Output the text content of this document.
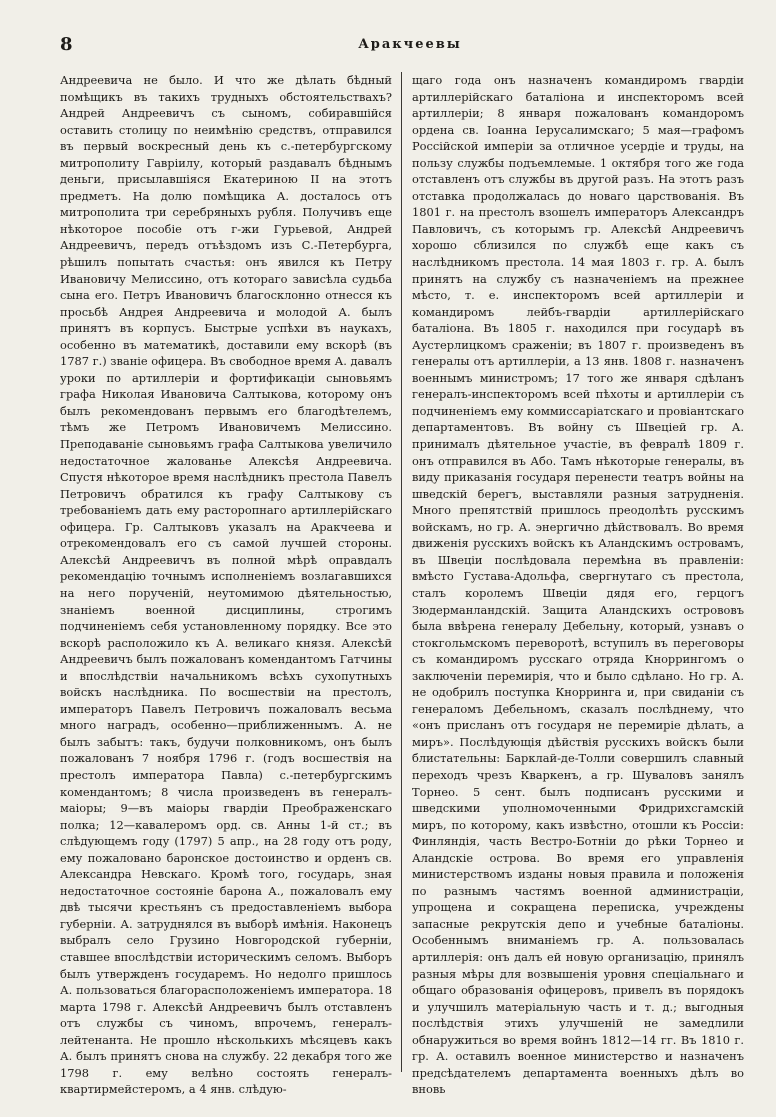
8	Аракчеевы

Андреевича не было. И что же дѣлать бѣдный помѣщикъ въ такихъ трудныхъ обстоятельствахъ? Андрей Андреевичъ съ сыномъ, собиравшійся оставить столицу по неимѣнію средствъ, отправился въ первый воскресный день къ с.-петербургскому митрополиту Гавріилу, который раздавалъ бѣднымъ деньги, присылавшіяся Екатериною II на этотъ предметъ. На долю помѣщика А. досталось отъ митрополита три серебряныхъ рубля. Получивъ еще нѣкоторое пособіе отъ г-жи Гурьевой, Андрей Андреевичъ, передъ отъѣздомъ изъ С.-Петербурга, рѣшилъ попытать счастья: онъ явился къ Петру Ивановичу Мелиссино, отъ котораго зависѣла судьба сына его. Петръ Ивановичъ благосклонно отнесся къ просьбѣ Андрея Андреевича и молодой А. былъ принятъ въ корпусъ. Быстрые успѣхи въ наукахъ, особенно въ математикѣ, доставили ему вскорѣ (въ 1787 г.) званіе офицера. Въ свободное время А. давалъ уроки по артиллеріи и фортификаціи сыновьямъ графа Николая Ивановича Салтыкова, которому онъ былъ рекомендованъ первымъ его благодѣтелемъ, тѣмъ же Петромъ Ивановичемъ Мелиссино. Преподаваніе сыновьямъ графа Салтыкова увеличило недостаточное жалованье Алексѣя Андреевича. Спустя нѣкоторое время наслѣдникъ престола Павелъ Петровичъ обратился къ графу Салтыкову съ требованіемъ дать ему расторопнаго артиллерійскаго офицера. Гр. Салтыковъ указалъ на Аракчеева и отрекомендовалъ его съ самой лучшей стороны. Алексѣй Андреевичъ въ полной мѣрѣ оправдалъ рекомендацію точнымъ исполненіемъ возлагавшихся на него порученій, неутомимою дѣятельностью, знаніемъ военной дисциплины, строгимъ подчиненіемъ себя установленному порядку. Все это вскорѣ расположило къ А. великаго князя. Алексѣй Андреевичъ былъ пожалованъ комендантомъ Гатчины и впослѣдствіи начальникомъ всѣхъ сухопутныхъ войскъ наслѣдника. По восшествіи на престолъ, императоръ Павелъ Петровичъ пожаловалъ весьма много наградъ, особенно—приближеннымъ. А. не былъ забытъ: такъ, будучи полковникомъ, онъ былъ пожалованъ 7 ноября 1796 г. (годъ восшествія на престолъ императора Павла) с.-петербургскимъ комендантомъ; 8 числа произведенъ въ генералъ-маіоры; 9—въ маіоры гвардіи Преображенскаго полка; 12—кавалеромъ орд. св. Анны 1-й ст.; въ слѣдующемъ году (1797) 5 апр., на 28 году отъ роду, ему пожаловано баронское достоинство и орденъ св. Александра Невскаго. Кромѣ того, государь, зная недостаточное состояніе барона А., пожаловалъ ему двѣ тысячи крестьянъ съ предоставленіемъ выбора губерніи. А. затруднялся въ выборѣ имѣнія. Наконецъ выбралъ село Грузино Новгородской губерніи, ставшее впослѣдствіи историческимъ селомъ. Выборъ былъ утвержденъ государемъ. Но недолго пришлось А. пользоваться благорасположеніемъ императора. 18 марта 1798 г. Алексѣй Андреевичъ былъ отставленъ отъ службы съ чиномъ, впрочемъ, генералъ-лейтенанта. Не прошло нѣсколькихъ мѣсяцевъ какъ А. былъ принятъ снова на службу. 22 декабря того же 1798 г. ему велѣно состоять генералъ-квартирмейстеромъ, а 4 янв. слѣдую-

щаго года онъ назначенъ командиромъ гвардіи артиллерійскаго баталіона и инспекторомъ всей артиллеріи; 8 января пожалованъ командоромъ ордена св. Іоанна Іерусалимскаго; 5 мая—графомъ Россійской имперіи за отличное усердіе и труды, на пользу службы подъемлемые. 1 октября того же года отставленъ отъ службы въ другой разъ. На этотъ разъ отставка продолжалась до новаго царствованія. Въ 1801 г. на престолъ взошелъ императоръ Александръ Павловичъ, съ которымъ гр. Алексѣй Андреевичъ хорошо сблизился по службѣ еще какъ съ наслѣдникомъ престола. 14 мая 1803 г. гр. А. былъ принятъ на службу съ назначеніемъ на прежнее мѣсто, т. е. инспекторомъ всей артиллеріи и командиромъ лейбъ-гвардіи артиллерійскаго баталіона. Въ 1805 г. находился при государѣ въ Аустерлицкомъ сраженіи; въ 1807 г. произведенъ въ генералы отъ артиллеріи, а 13 янв. 1808 г. назначенъ военнымъ министромъ; 17 того же января сдѣланъ генералъ-инспекторомъ всей пѣхоты и артиллеріи съ подчиненіемъ ему коммиссаріатскаго и провіантскаго департаментовъ. Въ войну съ Швеціей гр. А. принималъ дѣятельное участіе, въ февралѣ 1809 г. онъ отправился въ Або. Тамъ нѣкоторые генералы, въ виду приказанія государя перенести театръ войны на шведскій берегъ, выставляли разныя затрудненія. Много препятствій пришлось преодолѣть русскимъ войскамъ, но гр. А. энергично дѣйствовалъ. Во время движенія русскихъ войскъ къ Аландскимъ островамъ, въ Швеціи послѣдовала перемѣна въ правленіи: вмѣсто Густава-Адольфа, свергнутаго съ престола, сталъ королемъ Швеціи дядя его, герцогъ Зюдерманландскій. Защита Аландскихъ острововъ была ввѣрена генералу Дебельну, который, узнавъ о стокгольмскомъ переворотѣ, вступилъ въ переговоры съ командиромъ русскаго отряда Кноррингомъ о заключеніи перемирія, что и было сдѣлано. Но гр. А. не одобрилъ поступка Кнорринга и, при свиданіи съ генераломъ Дебельномъ, сказалъ послѣднему, что «онъ присланъ отъ государя не перемиріе дѣлать, а миръ». Послѣдующія дѣйствія русскихъ войскъ были блистательны: Барклай-де-Толли совершилъ славный переходъ чрезъ Кваркенъ, а гр. Шуваловъ занялъ Торнео. 5 сент. былъ подписанъ русскими и шведскими уполномоченными Фридрихсгамскій миръ, по которому, какъ извѣстно, отошли къ Россіи: Финляндія, часть Вестро-Ботніи до рѣки Торнео и Аландскіе острова. Во время его управленія министерствомъ изданы новыя правила и положенія по разнымъ частямъ военной администраціи, упрощена и сокращена переписка, учреждены запасные рекрутскія депо и учебные баталіоны. Особеннымъ вниманіемъ гр. А. пользовалась артиллерія: онъ далъ ей новую организацію, принялъ разныя мѣры для возвышенія уровня спеціальнаго и общаго образованія офицеровъ, привелъ въ порядокъ и улучшилъ матеріальную часть и т. д.; выгодныя послѣдствія этихъ улучшеній не замедлили обнаружиться во время войнъ 1812—14 гг. Въ 1810 г. гр. А. оставилъ военное министерство и назначенъ предсѣдателемъ департамента военныхъ дѣлъ во вновь
